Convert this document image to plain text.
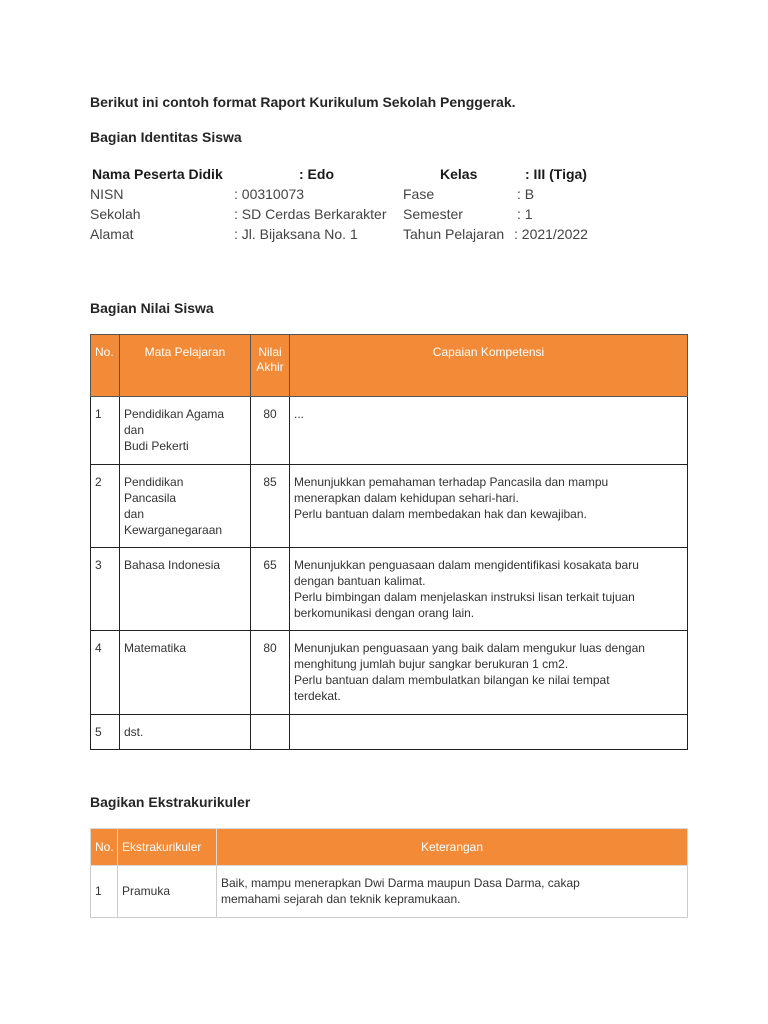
Berikut ini contoh format Raport Kurikulum Sekolah Penggerak.
Bagian Identitas Siswa
Nama Peserta Didik	: Edo	Kelas	: III (Tiga)
NISN	: 00310073	Fase	: B
Sekolah	: SD Cerdas Berkarakter Semester	: 1
Alamat	: Jl. Bijaksana No. 1	Tahun Pelajaran : 2021/2022
Bagian Nilai Siswa
No.	Mata Pelajaran	Nilai
Akhir	Capaian Kompetensi
1	Pendidikan Agama
dan
Budi Pekerti	80	...

2	Pendidikan
Pancasila
dan
Kewarganegaraan	85	Menunjukkan pemahaman terhadap Pancasila dan mampu
menerapkan dalam kehidupan sehari-hari.
Perlu bantuan dalam membedakan hak dan kewajiban.

3	Bahasa Indonesia	65	Menunjukkan penguasaan dalam mengidentifikasi kosakata baru
dengan bantuan kalimat.
Perlu bimbingan dalam menjelaskan instruksi lisan terkait tujuan
berkomunikasi dengan orang lain.

4	Matematika	80	Menunjukan penguasaan yang baik dalam mengukur luas dengan
menghitung jumlah bujur sangkar berukuran 1 cm2.
Perlu bantuan dalam membulatkan bilangan ke nilai tempat
terdekat.

5	dst.		

Bagikan Ekstrakurikuler
No.	Ekstrakurikuler	Keterangan
1	Pramuka	Baik, mampu menerapkan Dwi Darma maupun Dasa Darma, cakap
memahami sejarah dan teknik kepramukaan.
